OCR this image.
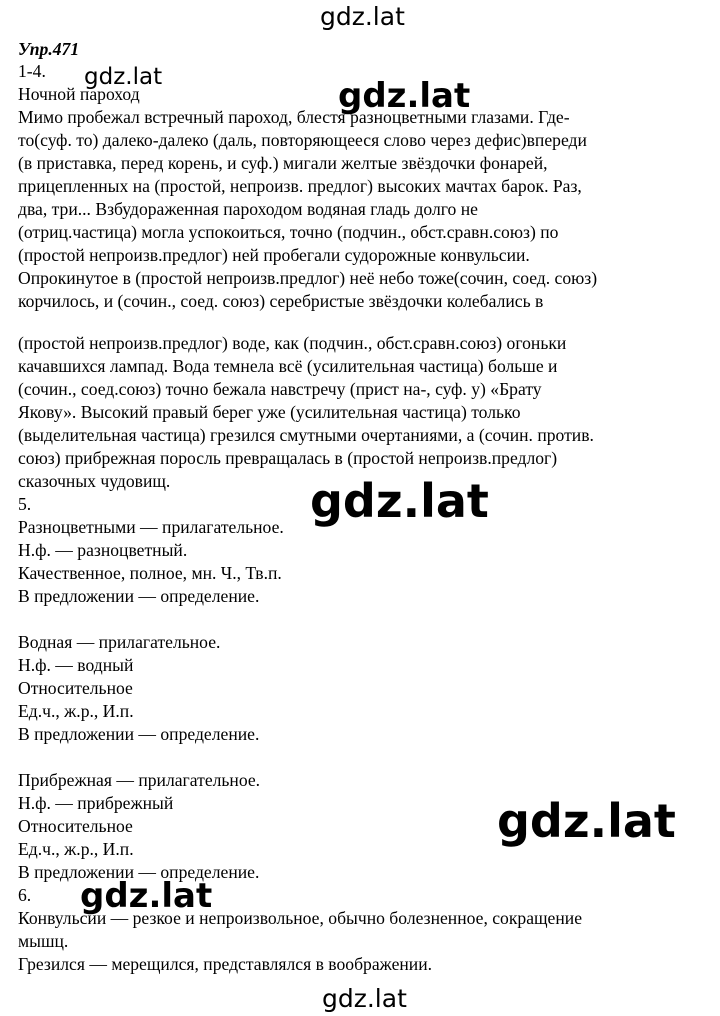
gdz.lat
Упр.471
1-4.
Ночной пароход
Мимо пробежал встречный пароход, блестя разноцветными глазами. Где-
то(суф. то) далеко-далеко (даль, повторяющееся слово через дефис)впереди
(в приставка, перед корень, и суф.) мигали желтые звёздочки фонарей,
прицепленных на (простой, непроизв. предлог) высоких мачтах барок. Раз,
два, три... Взбудораженная пароходом водяная гладь долго не
(отриц.частица) могла успокоиться, точно (подчин., обст.сравн.союз) по
(простой непроизв.предлог) ней пробегали судорожные конвульсии.
Опрокинутое в (простой непроизв.предлог) неё небо тоже(сочин, соед. союз)
корчилось, и (сочин., соед. союз) серебристые звёздочки колебались в
(простой непроизв.предлог) воде, как (подчин., обст.сравн.союз) огоньки
качавшихся лампад. Вода темнела всё (усилительная частица) больше и
(сочин., соед.союз) точно бежала навстречу (прист на-, суф. у) «Брату
Якову». Высокий правый берег уже (усилительная частица) только
(выделительная частица) грезился смутными очертаниями, а (сочин. против.
союз) прибрежная поросль превращалась в (простой непроизв.предлог)
сказочных чудовищ.
5.
Разноцветными — прилагательное.
Н.ф. — разноцветный.
Качественное, полное, мн. Ч., Тв.п.
В предложении — определение.
Водная — прилагательное.
Н.ф. — водный
Относительное
Ед.ч., ж.р., И.п.
В предложении — определение.
Прибрежная — прилагательное.
Н.ф. — прибрежный
Относительное
Ед.ч., ж.р., И.п.
В предложении — определение.
6.
Конвульсии — резкое и непроизвольное, обычно болезненное, сокращение
мышц.
Грезился — мерещился, представлялся в воображении.
gdz.lat	gdz.lat
gdz.lat
gdz.lat
gdz.lat
gdz.lat
